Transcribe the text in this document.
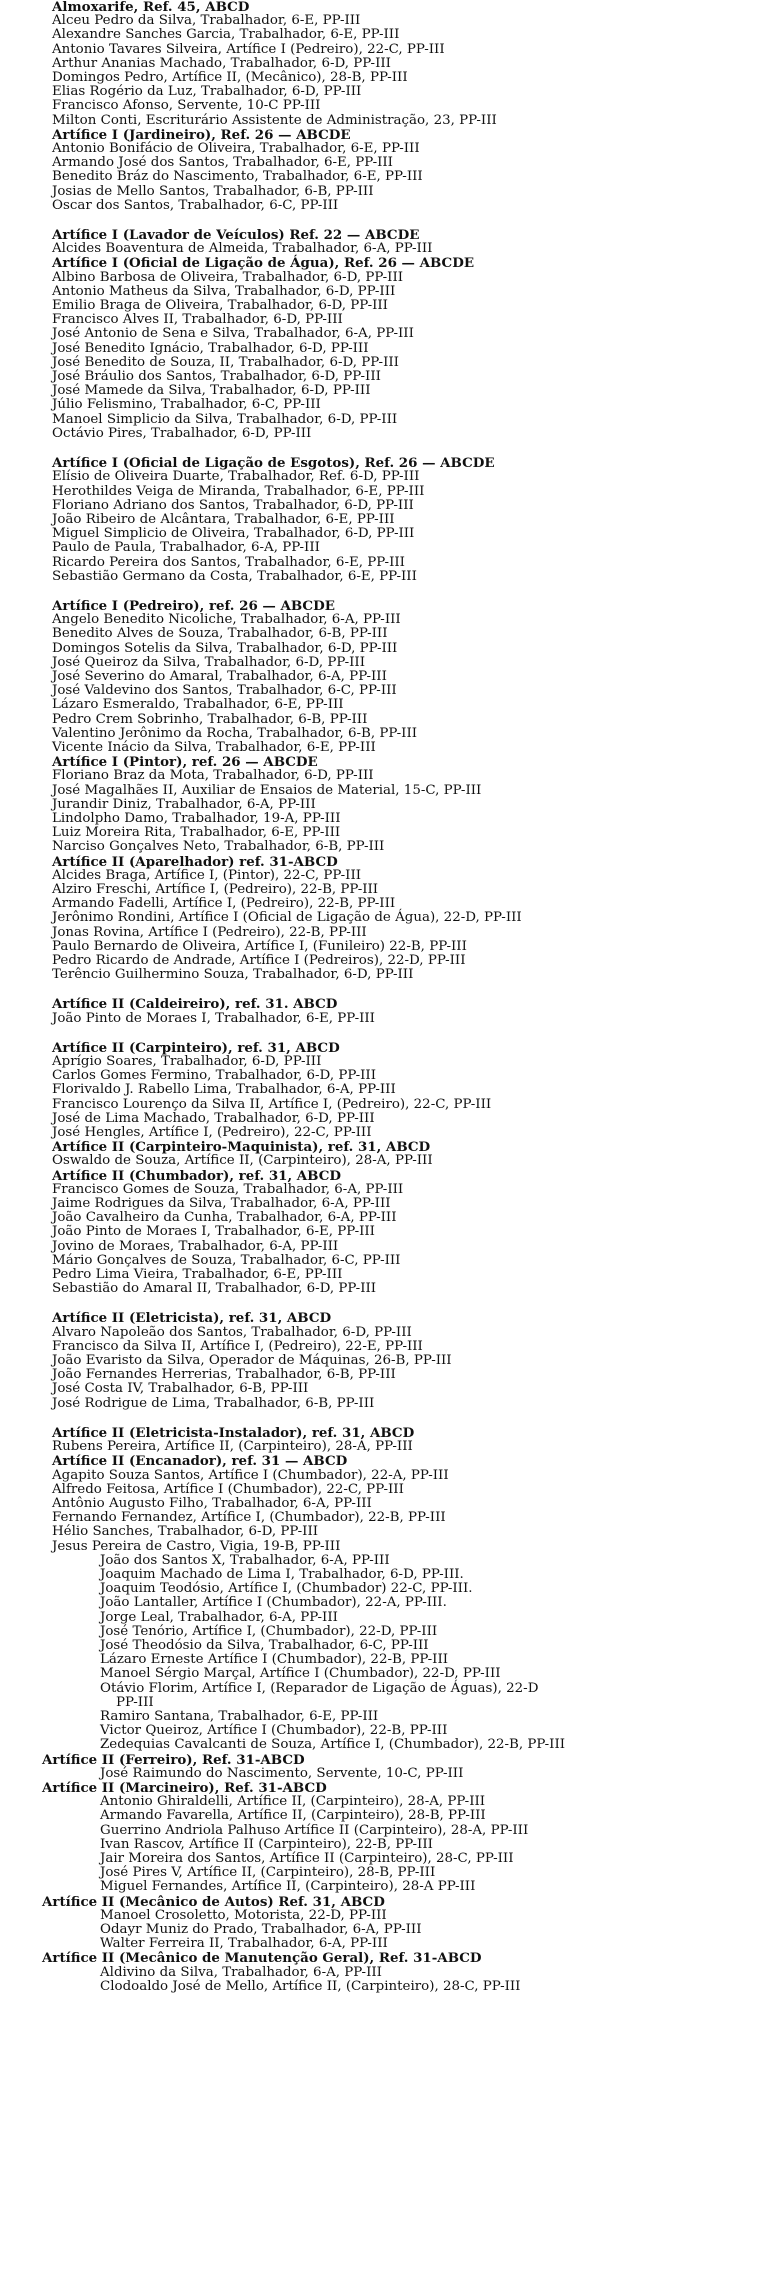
Almoxarife, Ref. 45, ABCD
Alceu Pedro da Silva, Trabalhador, 6-E, PP-III
Alexandre Sanches Garcia, Trabalhador, 6-E, PP-III
Antonio Tavares Silveira, Artífice I (Pedreiro), 22-C, PP-III
Arthur Ananias Machado, Trabalhador, 6-D, PP-III
Domingos Pedro, Artífice II, (Mecânico), 28-B, PP-III
Elias Rogério da Luz, Trabalhador, 6-D, PP-III
Francisco Afonso, Servente, 10-C PP-III
Milton Conti, Escriturário Assistente de Administração, 23, PP-III
Artífice I (Jardineiro), Ref. 26 — ABCDE
Antonio Bonifácio de Oliveira, Trabalhador, 6-E, PP-III
Armando José dos Santos, Trabalhador, 6-E, PP-III
Benedito Bráz do Nascimento, Trabalhador, 6-E, PP-III
Josias de Mello Santos, Trabalhador, 6-B, PP-III
Oscar dos Santos, Trabalhador, 6-C, PP-III
Artífice I (Lavador de Veículos) Ref. 22 — ABCDE
Alcides Boaventura de Almeida, Trabalhador, 6-A, PP-III
Artífice I (Oficial de Ligação de Água), Ref. 26 — ABCDE
Albino Barbosa de Oliveira, Trabalhador, 6-D, PP-III
Antonio Matheus da Silva, Trabalhador, 6-D, PP-III
Emilio Braga de Oliveira, Trabalhador, 6-D, PP-III
Francisco Alves II, Trabalhador, 6-D, PP-III
José Antonio de Sena e Silva, Trabalhador, 6-A, PP-III
José Benedito Ignácio, Trabalhador, 6-D, PP-III
José Benedito de Souza, II, Trabalhador, 6-D, PP-III
José Bráulio dos Santos, Trabalhador, 6-D, PP-III
José Mamede da Silva, Trabalhador, 6-D, PP-III
Júlio Felismino, Trabalhador, 6-C, PP-III
Manoel Simplicio da Silva, Trabalhador, 6-D, PP-III
Octávio Pires, Trabalhador, 6-D, PP-III
Artífice I (Oficial de Ligação de Esgotos), Ref. 26 — ABCDE
Elísio de Oliveira Duarte, Trabalhador, Ref. 6-D, PP-III
Herothildes Veiga de Miranda, Trabalhador, 6-E, PP-III
Floriano Adriano dos Santos, Trabalhador, 6-D, PP-III
João Ribeiro de Alcântara, Trabalhador, 6-E, PP-III
Miguel Simplicio de Oliveira, Trabalhador, 6-D, PP-III
Paulo de Paula, Trabalhador, 6-A, PP-III
Ricardo Pereira dos Santos, Trabalhador, 6-E, PP-III
Sebastião Germano da Costa, Trabalhador, 6-E, PP-III
Artífice I (Pedreiro), ref. 26 — ABCDE
Angelo Benedito Nicoliche, Trabalhador, 6-A, PP-III
Benedito Alves de Souza, Trabalhador, 6-B, PP-III
Domingos Sotelis da Silva, Trabalhador, 6-D, PP-III
José Queiroz da Silva, Trabalhador, 6-D, PP-III
José Severino do Amaral, Trabalhador, 6-A, PP-III
José Valdevino dos Santos, Trabalhador, 6-C, PP-III
Lázaro Esmeraldo, Trabalhador, 6-E, PP-III
Pedro Crem Sobrinho, Trabalhador, 6-B, PP-III
Valentino Jerônimo da Rocha, Trabalhador, 6-B, PP-III
Vicente Inácio da Silva, Trabalhador, 6-E, PP-III
Artífice I (Pintor), ref. 26 — ABCDE
Floriano Braz da Mota, Trabalhador, 6-D, PP-III
José Magalhães II, Auxiliar de Ensaios de Material, 15-C, PP-III
Jurandir Diniz, Trabalhador, 6-A, PP-III
Lindolpho Damo, Trabalhador, 19-A, PP-III
Luiz Moreira Rita, Trabalhador, 6-E, PP-III
Narciso Gonçalves Neto, Trabalhador, 6-B, PP-III
Artífice II (Aparelhador) ref. 31-ABCD
Alcides Braga, Artífice I, (Pintor), 22-C, PP-III
Alziro Freschi, Artífice I, (Pedreiro), 22-B, PP-III
Armando Fadelli, Artífice I, (Pedreiro), 22-B, PP-III
Jerônimo Rondini, Artífice I (Oficial de Ligação de Água), 22-D, PP-III
Jonas Rovina, Artífice I (Pedreiro), 22-B, PP-III
Paulo Bernardo de Oliveira, Artífice I, (Funileiro) 22-B, PP-III
Pedro Ricardo de Andrade, Artífice I (Pedreiros), 22-D, PP-III
Terêncio Guilhermino Souza, Trabalhador, 6-D, PP-III
Artífice II (Caldeireiro), ref. 31. ABCD
João Pinto de Moraes I, Trabalhador, 6-E, PP-III
Artífice II (Carpinteiro), ref. 31, ABCD
Aprígio Soares, Trabalhador, 6-D, PP-III
Carlos Gomes Fermino, Trabalhador, 6-D, PP-III
Florivaldo J. Rabello Lima, Trabalhador, 6-A, PP-III
Francisco Lourenço da Silva II, Artífice I, (Pedreiro), 22-C, PP-III
José de Lima Machado, Trabalhador, 6-D, PP-III
José Hengles, Artífice I, (Pedreiro), 22-C, PP-III
Artífice II (Carpinteiro-Maquinista), ref. 31, ABCD
Oswaldo de Souza, Artífice II, (Carpinteiro), 28-A, PP-III
Artífice II (Chumbador), ref. 31, ABCD
Francisco Gomes de Souza, Trabalhador, 6-A, PP-III
Jaime Rodrigues da Silva, Trabalhador, 6-A, PP-III
João Cavalheiro da Cunha, Trabalhador, 6-A, PP-III
João Pinto de Moraes I, Trabalhador, 6-E, PP-III
Jovino de Moraes, Trabalhador, 6-A, PP-III
Mário Gonçalves de Souza, Trabalhador, 6-C, PP-III
Pedro Lima Vieira, Trabalhador, 6-E, PP-III
Sebastião do Amaral II, Trabalhador, 6-D, PP-III
Artífice II (Eletricista), ref. 31, ABCD
Alvaro Napoleão dos Santos, Trabalhador, 6-D, PP-III
Francisco da Silva II, Artífice I, (Pedreiro), 22-E, PP-III
João Evaristo da Silva, Operador de Máquinas, 26-B, PP-III
João Fernandes Herrerias, Trabalhador, 6-B, PP-III
José Costa IV, Trabalhador, 6-B, PP-III
José Rodrigue de Lima, Trabalhador, 6-B, PP-III
Artífice II (Eletricista-Instalador), ref. 31, ABCD
Rubens Pereira, Artífice II, (Carpinteiro), 28-A, PP-III
Artífice II (Encanador), ref. 31 — ABCD
Agapito Souza Santos, Artífice I (Chumbador), 22-A, PP-III
Alfredo Feitosa, Artífice I (Chumbador), 22-C, PP-III
Antônio Augusto Filho, Trabalhador, 6-A, PP-III
Fernando Fernandez, Artífice I, (Chumbador), 22-B, PP-III
Hélio Sanches, Trabalhador, 6-D, PP-III
Jesus Pereira de Castro, Vigia, 19-B, PP-III
João dos Santos X, Trabalhador, 6-A, PP-III
Joaquim Machado de Lima I, Trabalhador, 6-D, PP-III.
Joaquim Teodósio, Artífice I, (Chumbador) 22-C, PP-III.
João Lantaller, Artífice I (Chumbador), 22-A, PP-III.
Jorge Leal, Trabalhador, 6-A, PP-III
José Tenório, Artífice I, (Chumbador), 22-D, PP-III
José Theodósio da Silva, Trabalhador, 6-C, PP-III
Lázaro Erneste Artífice I (Chumbador), 22-B, PP-III
Manoel Sérgio Marçal, Artífice I (Chumbador), 22-D, PP-III
Otávio Florim, Artífice I, (Reparador de Ligação de Águas), 22-D
PP-III
Ramiro Santana, Trabalhador, 6-E, PP-III
Victor Queiroz, Artífice I (Chumbador), 22-B, PP-III
Zedequias Cavalcanti de Souza, Artífice I, (Chumbador), 22-B, PP-III
Artífice II (Ferreiro), Ref. 31-ABCD
José Raimundo do Nascimento, Servente, 10-C, PP-III
Artífice II (Marcineiro), Ref. 31-ABCD
Antonio Ghiraldelli, Artífice II, (Carpinteiro), 28-A, PP-III
Armando Favarella, Artífice II, (Carpinteiro), 28-B, PP-III
Guerrino Andriola Palhuso Artífice II (Carpinteiro), 28-A, PP-III
Ivan Rascov, Artífice II (Carpinteiro), 22-B, PP-III
Jair Moreira dos Santos, Artífice II (Carpinteiro), 28-C, PP-III
José Pires V, Artífice II, (Carpinteiro), 28-B, PP-III
Miguel Fernandes, Artífice II, (Carpinteiro), 28-A PP-III
Artífice II (Mecânico de Autos) Ref. 31, ABCD
Manoel Crosoletto, Motorista, 22-D, PP-III
Odayr Muniz do Prado, Trabalhador, 6-A, PP-III
Walter Ferreira II, Trabalhador, 6-A, PP-III
Artífice II (Mecânico de Manutenção Geral), Ref. 31-ABCD
Aldivino da Silva, Trabalhador, 6-A, PP-III
Clodoaldo José de Mello, Artífice II, (Carpinteiro), 28-C, PP-III
